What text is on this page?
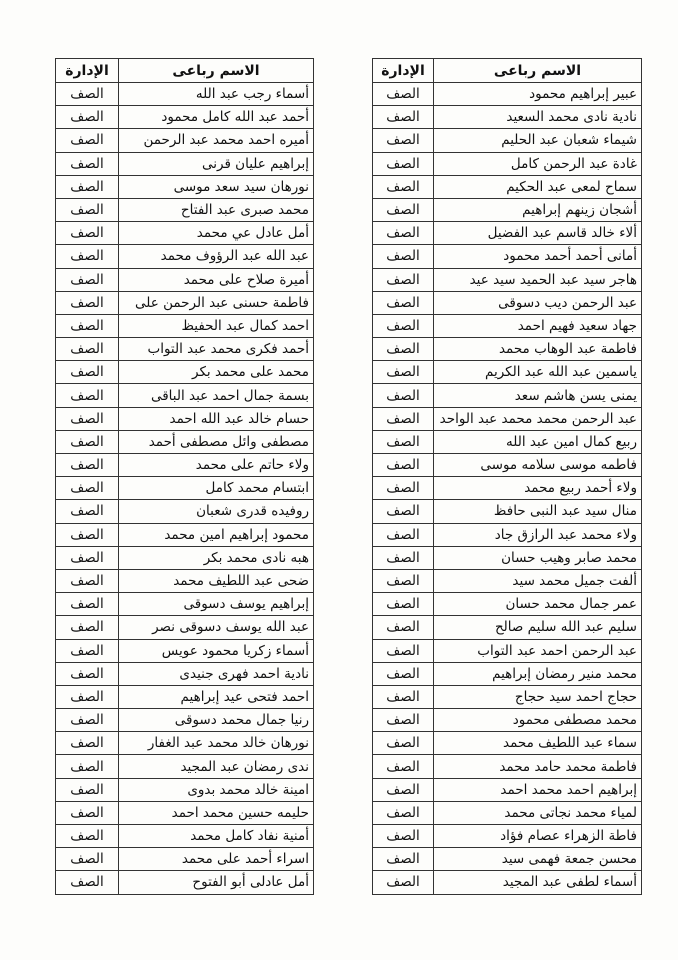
الاسم رباعى	الإدارة
أسماء رجب عبد الله	الصف
أحمد عبد الله كامل محمود	الصف
أميره احمد محمد عبد الرحمن	الصف
إبراهيم عليان قرنى	الصف
نورهان سيد سعد موسى	الصف
محمد صبرى عبد الفتاح	الصف
أمل عادل عي محمد	الصف
عبد الله عبد الرؤوف محمد	الصف
أميرة صلاح على محمد	الصف
فاطمة حسنى عبد الرحمن على	الصف
احمد كمال عبد الحفيظ	الصف
أحمد فكرى محمد عبد التواب	الصف
محمد على محمد بكر	الصف
بسمة جمال احمد عبد الباقى	الصف
حسام خالد عبد الله احمد	الصف
مصطفى وائل مصطفى أحمد	الصف
ولاء حاتم على محمد	الصف
ابتسام محمد كامل	الصف
روفيده قدرى شعبان	الصف
محمود إبراهيم امين محمد	الصف
هبه نادى محمد بكر	الصف
ضحى عبد اللطيف محمد	الصف
إبراهيم يوسف دسوقى	الصف
عبد الله يوسف دسوقى نصر	الصف
أسماء زكريا محمود عويس	الصف
نادية احمد فهرى جنيدى	الصف
احمد فتحى عيد إبراهيم	الصف
رنيا جمال محمد دسوقى	الصف
نورهان خالد محمد عبد الغفار	الصف
ندى رمضان عبد المجيد	الصف
امينة خالد محمد بدوى	الصف
حليمه حسين محمد احمد	الصف
أمنية نفاد كامل محمد	الصف
اسراء أحمد على محمد	الصف
أمل عادلى أبو الفتوح	الصف
الاسم رباعى	الإدارة
عبير إبراهيم محمود	الصف
نادية نادى محمد السعيد	الصف
شيماء شعبان عبد الحليم	الصف
غادة عبد الرحمن كامل	الصف
سماح لمعى عبد الحكيم	الصف
أشجان زينهم إبراهيم	الصف
ألاء خالد قاسم عبد الفضيل	الصف
أمانى أحمد أحمد محمود	الصف
هاجر سيد عبد الحميد سيد عيد	الصف
عبد الرحمن ديب دسوقى	الصف
جهاد سعيد فهيم احمد	الصف
فاطمة عبد الوهاب محمد	الصف
ياسمين عبد الله عبد الكريم	الصف
يمنى يسن هاشم سعد	الصف
عبد الرحمن محمد محمد عبد الواحد	الصف
ربيع كمال امين عبد الله	الصف
فاطمه موسى سلامه موسى	الصف
ولاء أحمد ربيع محمد	الصف
منال سيد عبد النبى حافظ	الصف
ولاء محمد عبد الرازق جاد	الصف
محمد صابر وهيب حسان	الصف
ألفت جميل محمد سيد	الصف
عمر جمال محمد حسان	الصف
سليم عبد الله سليم صالح	الصف
عبد الرحمن احمد عبد التواب	الصف
محمد منير رمضان إبراهيم	الصف
حجاج احمد سيد حجاج	الصف
محمد مصطفى محمود	الصف
سماء عبد اللطيف محمد	الصف
فاطمة محمد حامد محمد	الصف
إبراهيم احمد محمد احمد	الصف
لمياء محمد نجاتى محمد	الصف
فاطة الزهراء عصام فؤاد	الصف
محسن جمعة فهمى سيد	الصف
أسماء لطفى عبد المجيد	الصف
